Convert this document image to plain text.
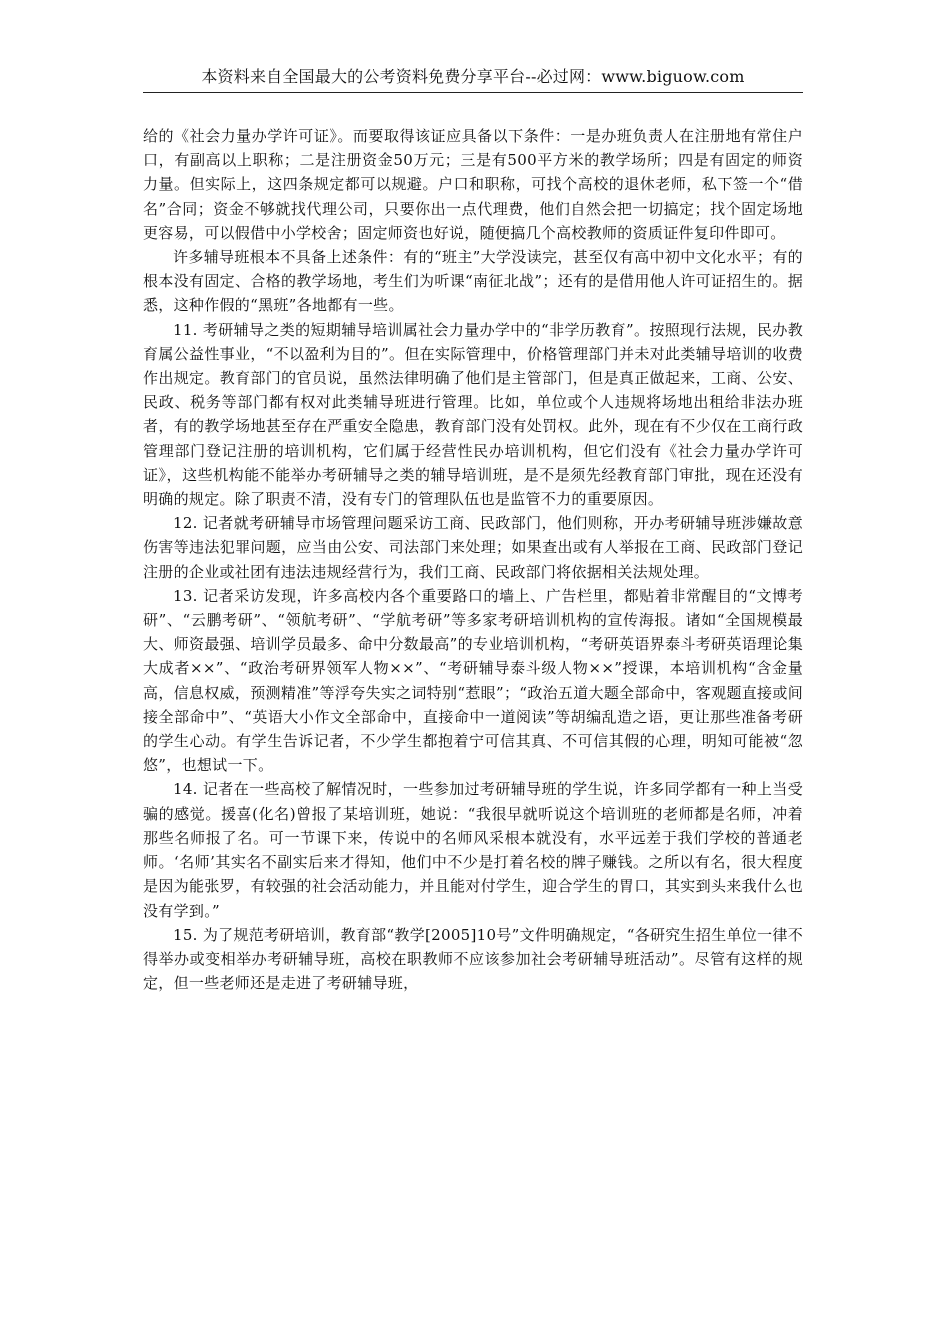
本资料来自全国最大的公考资料免费分享平台--必过网：www.biguow.com

给的《社会力量办学许可证》。而要取得该证应具备以下条件：一是办班负责人在注册地有常住户口，有副高以上职称；二是注册资金50万元；三是有500平方米的教学场所；四是有固定的师资力量。但实际上，这四条规定都可以规避。户口和职称，可找个高校的退休老师，私下签一个“借名”合同；资金不够就找代理公司，只要你出一点代理费，他们自然会把一切搞定；找个固定场地更容易，可以假借中小学校舍；固定师资也好说，随便搞几个高校教师的资质证件复印件即可。

许多辅导班根本不具备上述条件：有的“班主”大学没读完，甚至仅有高中初中文化水平；有的根本没有固定、合格的教学场地，考生们为听课“南征北战”；还有的是借用他人许可证招生的。据悉，这种作假的“黑班”各地都有一些。

11. 考研辅导之类的短期辅导培训属社会力量办学中的“非学历教育”。按照现行法规，民办教育属公益性事业，“不以盈利为目的”。但在实际管理中，价格管理部门并未对此类辅导培训的收费作出规定。教育部门的官员说，虽然法律明确了他们是主管部门，但是真正做起来，工商、公安、民政、税务等部门都有权对此类辅导班进行管理。比如，单位或个人违规将场地出租给非法办班者，有的教学场地甚至存在严重安全隐患，教育部门没有处罚权。此外，现在有不少仅在工商行政管理部门登记注册的培训机构，它们属于经营性民办培训机构，但它们没有《社会力量办学许可证》，这些机构能不能举办考研辅导之类的辅导培训班，是不是须先经教育部门审批，现在还没有明确的规定。除了职责不清，没有专门的管理队伍也是监管不力的重要原因。

12. 记者就考研辅导市场管理问题采访工商、民政部门，他们则称，开办考研辅导班涉嫌故意伤害等违法犯罪问题，应当由公安、司法部门来处理；如果查出或有人举报在工商、民政部门登记注册的企业或社团有违法违规经营行为，我们工商、民政部门将依据相关法规处理。

13. 记者采访发现，许多高校内各个重要路口的墙上、广告栏里，都贴着非常醒目的“文博考研”、“云鹏考研”、“领航考研”、“学航考研”等多家考研培训机构的宣传海报。诸如“全国规模最大、师资最强、培训学员最多、命中分数最高”的专业培训机构，“考研英语界泰斗考研英语理论集大成者××”、“政治考研界领军人物××”、“考研辅导泰斗级人物××”授课，本培训机构“含金量高，信息权威，预测精准”等浮夸失实之词特别“惹眼”；“政治五道大题全部命中，客观题直接或间接全部命中”、“英语大小作文全部命中，直接命中一道阅读”等胡编乱造之语，更让那些准备考研的学生心动。有学生告诉记者，不少学生都抱着宁可信其真、不可信其假的心理，明知可能被“忽悠”，也想试一下。

14. 记者在一些高校了解情况时，一些参加过考研辅导班的学生说，许多同学都有一种上当受骗的感觉。援喜(化名)曾报了某培训班，她说：“我很早就听说这个培训班的老师都是名师，冲着那些名师报了名。可一节课下来，传说中的名师风采根本就没有，水平远差于我们学校的普通老师。‘名师’其实名不副实后来才得知，他们中不少是打着名校的牌子赚钱。之所以有名，很大程度是因为能张罗，有较强的社会活动能力，并且能对付学生，迎合学生的胃口，其实到头来我什么也没有学到。”

15. 为了规范考研培训，教育部“教学[2005]10号”文件明确规定，“各研究生招生单位一律不得举办或变相举办考研辅导班，高校在职教师不应该参加社会考研辅导班活动”。尽管有这样的规定，但一些老师还是走进了考研辅导班，
